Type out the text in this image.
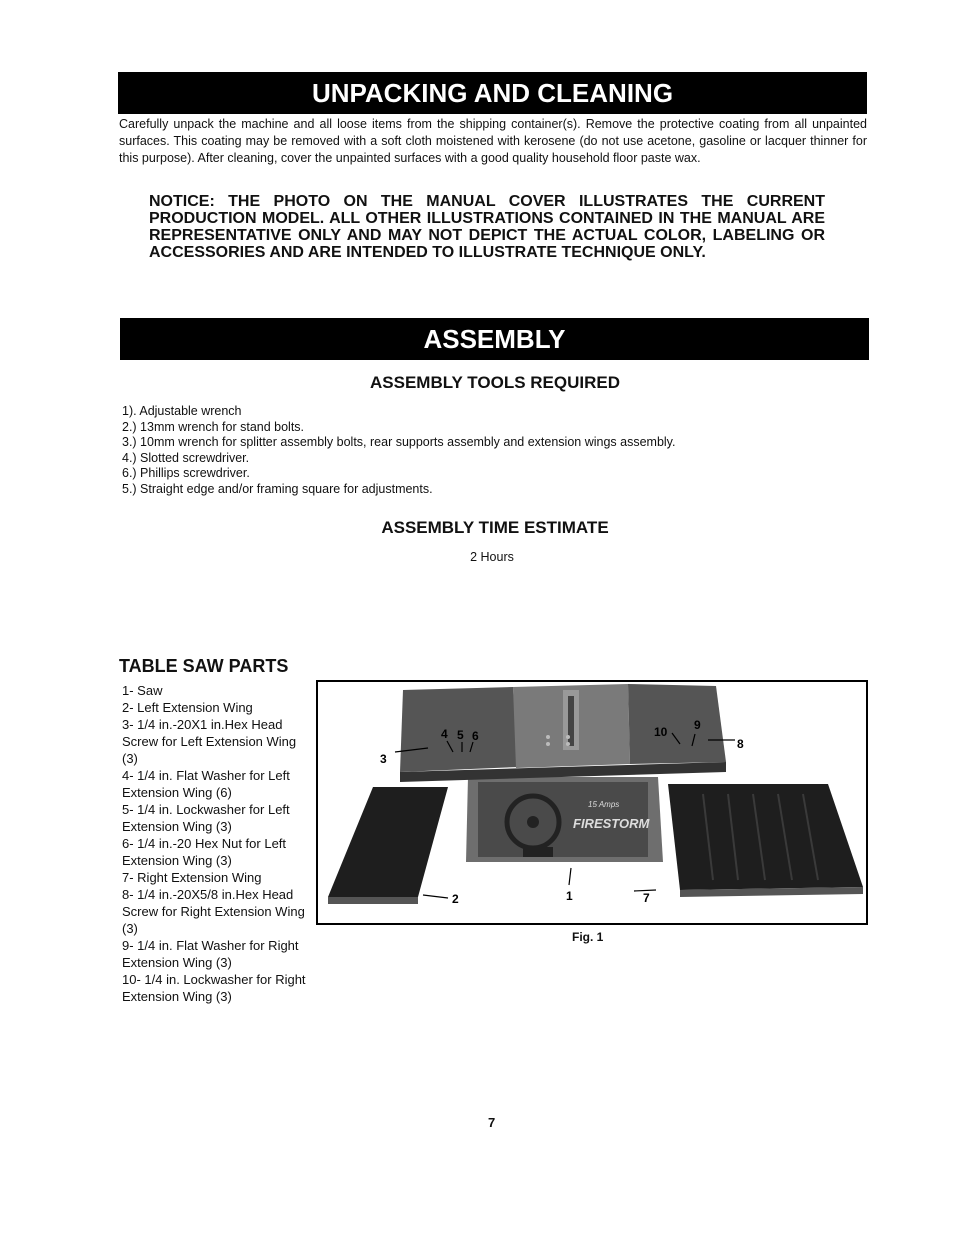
UNPACKING AND CLEANING
Carefully unpack the machine and all loose items from the shipping container(s). Remove the protective coating from all unpainted surfaces. This coating may be removed with a soft cloth moistened with kerosene (do not use acetone, gasoline or lacquer thinner for this purpose). After cleaning, cover the unpainted surfaces with a good quality household floor paste wax.
NOTICE: THE PHOTO ON THE MANUAL COVER ILLUSTRATES THE CURRENT PRODUCTION MODEL. ALL OTHER ILLUSTRATIONS CONTAINED IN THE MANUAL ARE REPRESENTATIVE ONLY AND MAY NOT DEPICT THE ACTUAL COLOR, LABELING OR ACCESSORIES AND ARE INTENDED TO ILLUSTRATE TECHNIQUE ONLY.
ASSEMBLY
ASSEMBLY TOOLS REQUIRED
1). Adjustable wrench
2.) 13mm wrench for stand bolts.
3.) 10mm wrench for splitter assembly bolts, rear supports assembly and extension wings assembly.
4.) Slotted screwdriver.
6.) Phillips screwdriver.
5.) Straight edge and/or framing square for adjustments.
ASSEMBLY TIME ESTIMATE
2 Hours
TABLE SAW PARTS
1- Saw
2- Left Extension Wing
3- 1/4 in.-20X1 in.Hex Head Screw for Left Extension Wing (3)
4- 1/4 in. Flat Washer for Left Extension Wing (6)
5- 1/4 in. Lockwasher for Left Extension Wing (3)
6- 1/4 in.-20 Hex Nut for Left Extension Wing (3)
7- Right Extension Wing
8- 1/4 in.-20X5/8 in.Hex Head Screw for Right Extension Wing (3)
9- 1/4 in. Flat Washer for Right Extension Wing (3)
10- 1/4 in. Lockwasher for Right Extension Wing (3)
FIRESTORM
15 Amps
1
2
3
4 5 6
7
8
9
10
Fig. 1
7
